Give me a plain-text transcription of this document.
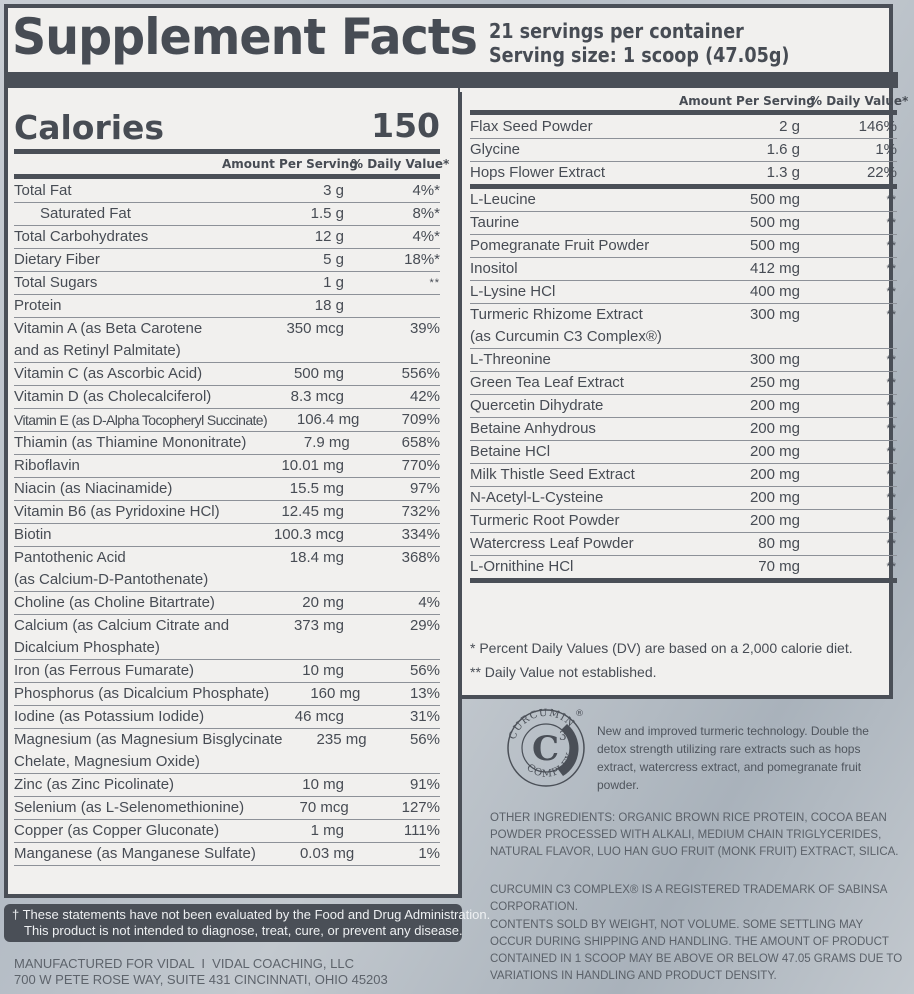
Supplement Facts 21 servings per container
Serving size: 1 scoop (47.05g)
Calories	150
Amount Per Serving
% Daily Value*
Amount Per Serving
% Daily Value*
Total Fat	3 g	4%*
Saturated Fat	1.5 g	8%*
Total Carbohydrates	12 g	4%*
Dietary Fiber	5 g	18%*
Total Sugars	1 g	**
Protein	18 g
Vitamin A (as Beta Carotene
and as Retinyl Palmitate)
350 mcg	39%
Vitamin C (as Ascorbic Acid)	500 mg	556%
Vitamin D (as Cholecalciferol)	8.3 mcg	42%
Vitamin E (as D-Alpha Tocopheryl Succinate)	106.4 mg	709%
Thiamin (as Thiamine Mononitrate)	7.9 mg	658%
Riboflavin	10.01 mg	770%
Niacin (as Niacinamide)	15.5 mg	97%
Vitamin B6 (as Pyridoxine HCl)	12.45 mg	732%
Biotin	100.3 mcg	334%
Pantothenic Acid
(as Calcium-D-Pantothenate)
18.4 mg	368%
Choline (as Choline Bitartrate)	20 mg	4%
Calcium (as Calcium Citrate and
Dicalcium Phosphate)
373 mg	29%
Iron (as Ferrous Fumarate)	10 mg	56%
Phosphorus (as Dicalcium Phosphate)	160 mg	13%
Iodine (as Potassium Iodide)	46 mcg	31%
Magnesium (as Magnesium Bisglycinate
Chelate, Magnesium Oxide)
235 mg	56%
Zinc (as Zinc Picolinate)	10 mg	91%
Selenium (as L-Selenomethionine)	70 mcg	127%
Copper (as Copper Gluconate)	1 mg	111%
Manganese (as Manganese Sulfate)	0.03 mg	1%
Flax Seed Powder	2 g	146%
Glycine	1.6 g	1%
Hops Flower Extract	1.3 g	22%
L-Leucine	500 mg	**
Taurine	500 mg	**
Pomegranate Fruit Powder	500 mg	**
Inositol	412 mg	**
L-Lysine HCl	400 mg	**
Turmeric Rhizome Extract
(as Curcumin C3 Complex®)
300 mg	**
L-Threonine	300 mg	**
Green Tea Leaf Extract	250 mg	**
Quercetin Dihydrate	200 mg	**
Betaine Anhydrous	200 mg	**
Betaine HCl	200 mg	**
Milk Thistle Seed Extract	200 mg	**
N-Acetyl-L-Cysteine	200 mg	**
Turmeric Root Powder	200 mg	**
Watercress Leaf Powder	80 mg	**
L-Ornithine HCl	70 mg	**
* Percent Daily Values (DV) are based on a 2,000 calorie diet.
** Daily Value not established.
† These statements have not been evaluated by the Food and Drug Administration.
This product is not intended to diagnose, treat, cure, or prevent any disease.
MANUFACTURED FOR VIDAL  I  VIDAL COACHING, LLC
700 W PETE ROSE WAY, SUITE 431 CINCINNATI, OHIO 45203
CURCUMIN
COMPLEX
C 3
®
New and improved turmeric technology. Double the detox strength utilizing rare extracts such as hops extract, watercress extract, and pomegranate fruit powder.
OTHER INGREDIENTS: ORGANIC BROWN RICE PROTEIN, COCOA BEAN POWDER PROCESSED WITH ALKALI, MEDIUM CHAIN TRIGLYCERIDES, NATURAL FLAVOR, LUO HAN GUO FRUIT (MONK FRUIT) EXTRACT, SILICA.
CURCUMIN C3 COMPLEX® IS A REGISTERED TRADEMARK OF SABINSA CORPORATION.
CONTENTS SOLD BY WEIGHT, NOT VOLUME. SOME SETTLING MAY OCCUR DURING SHIPPING AND HANDLING. THE AMOUNT OF PRODUCT CONTAINED IN 1 SCOOP MAY BE ABOVE OR BELOW 47.05 GRAMS DUE TO VARIATIONS IN HANDLING AND PRODUCT DENSITY.
